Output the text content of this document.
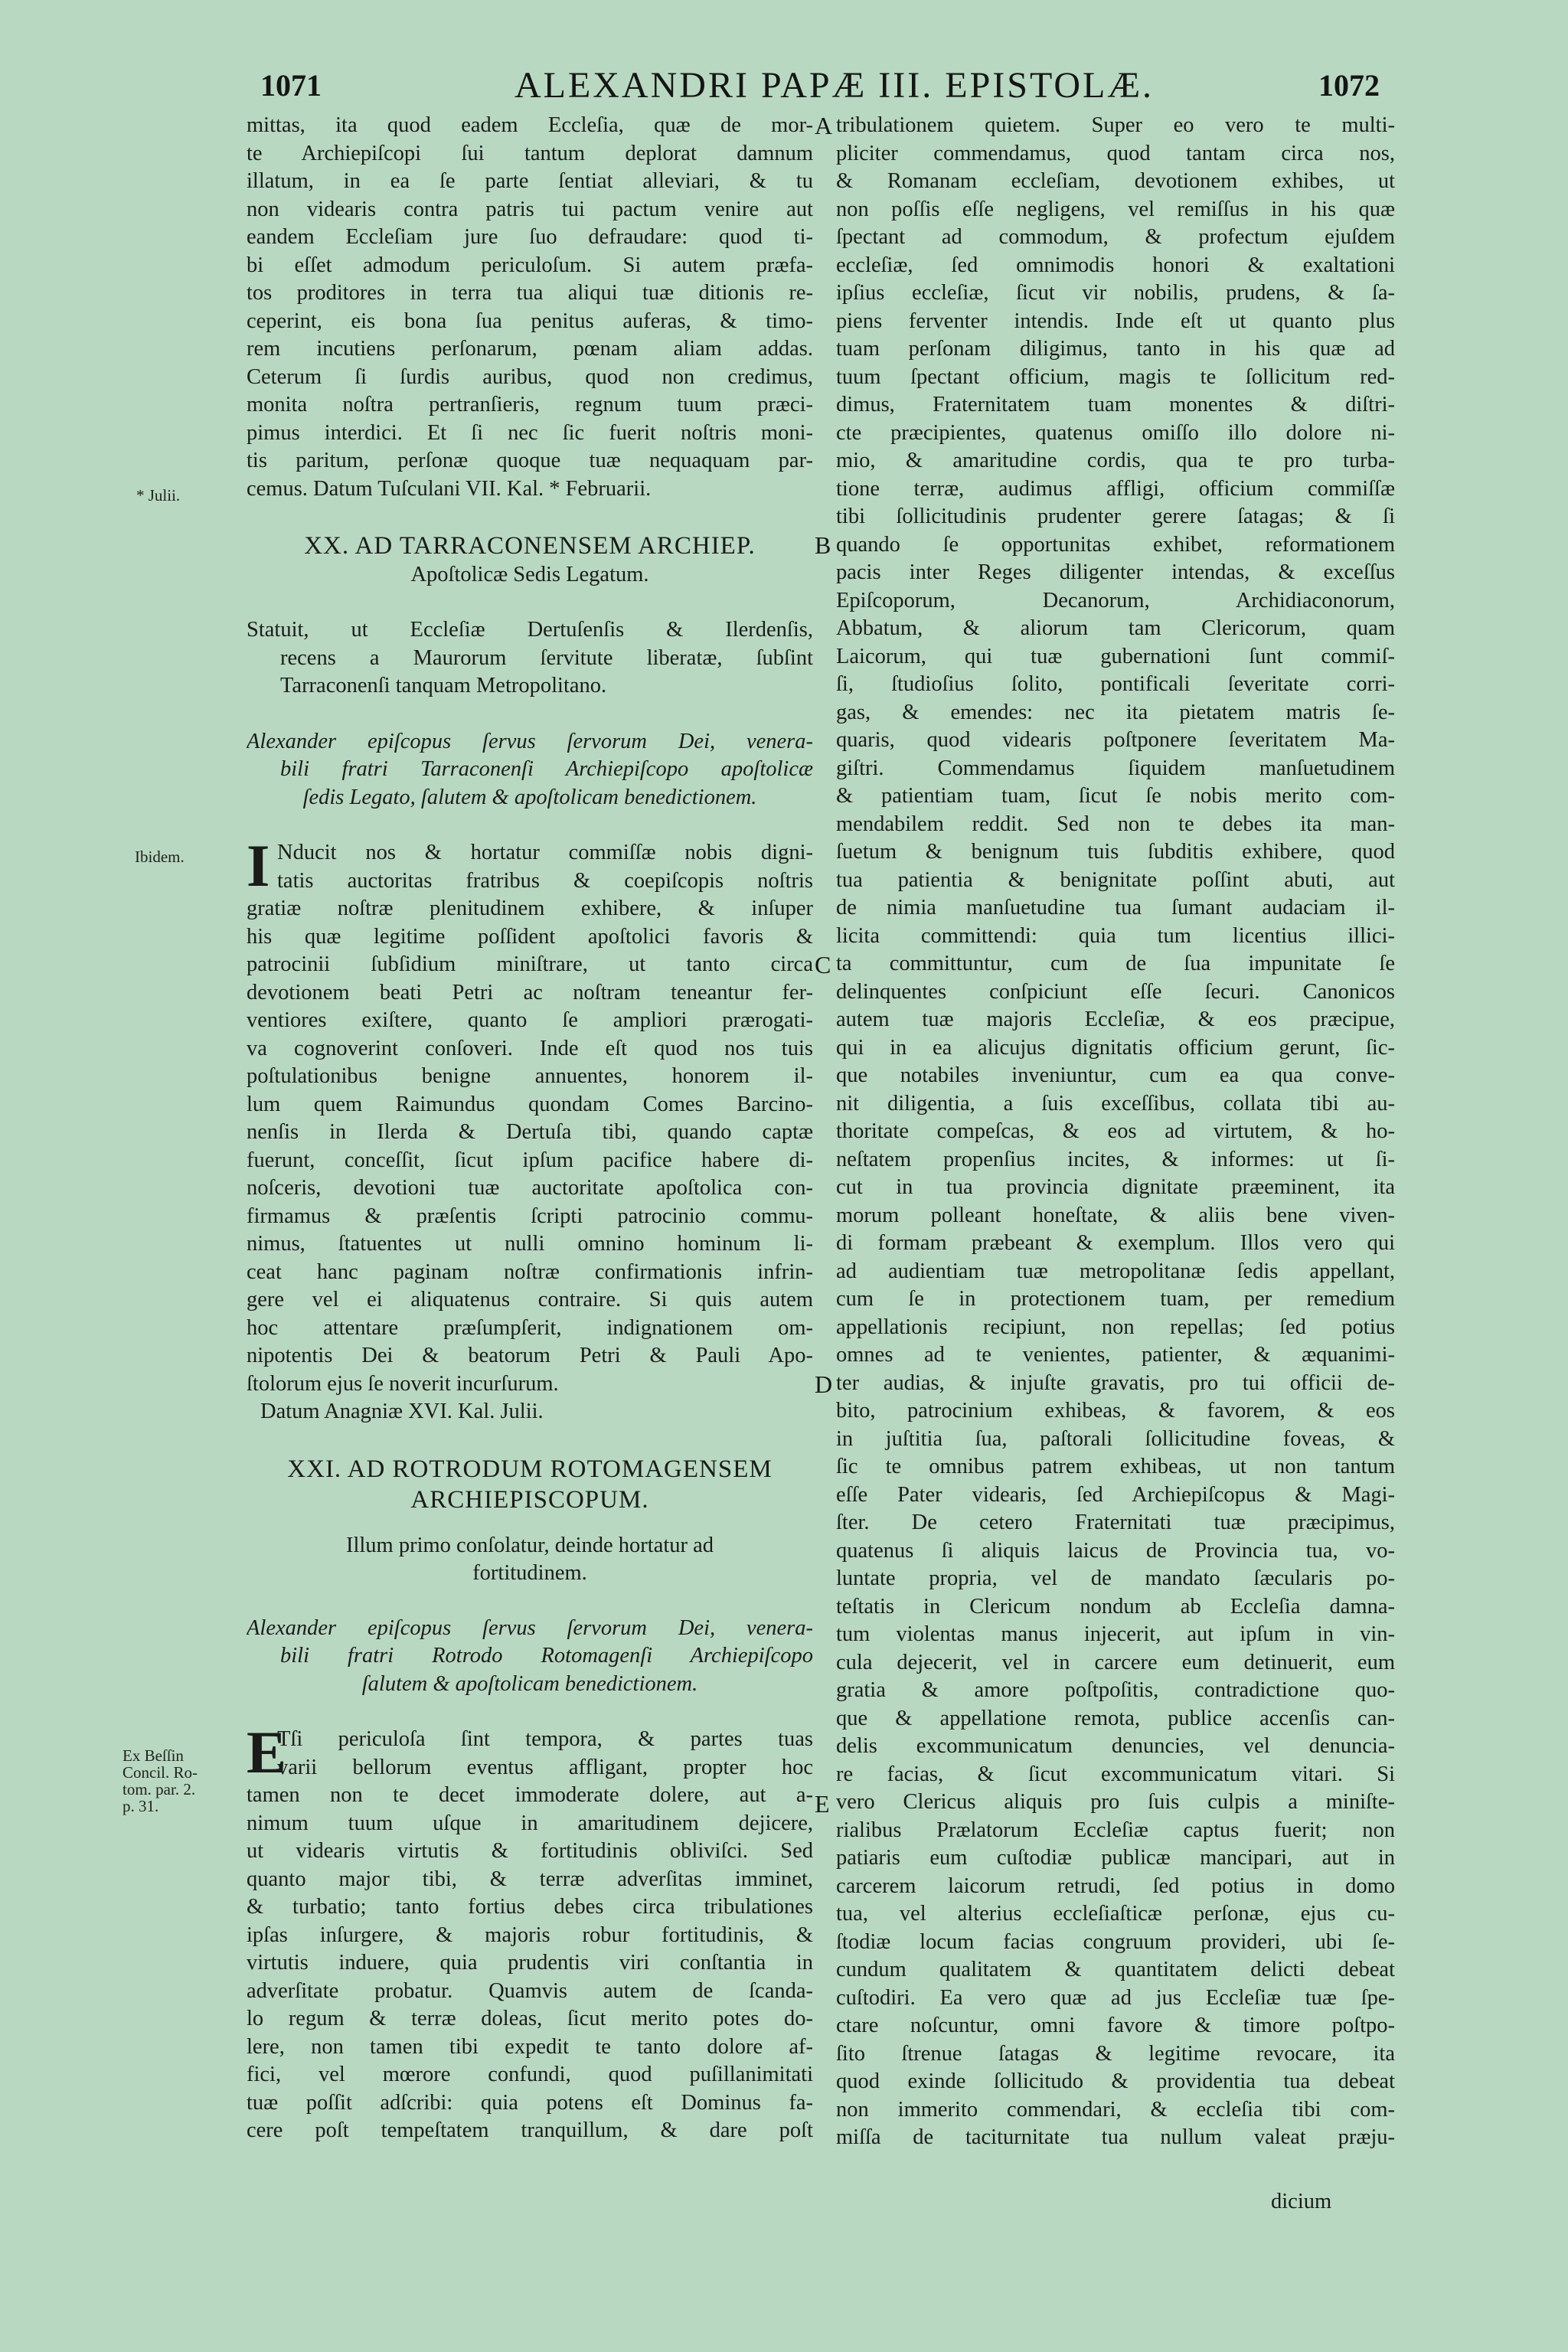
1071	ALEXANDRI PAPÆ III. EPISTOLÆ.	1072
* Julii.
Ibidem.
Ex Beſſin
Concil. Ro-
tom. par. 2.
p. 31.
A
B
C
D
E
mittas, ita quod eadem Eccleſia, quæ de mor-
te Archiepiſcopi ſui tantum deplorat damnum
illatum, in ea ſe parte ſentiat alleviari, & tu
non videaris contra patris tui pactum venire aut
eandem Eccleſiam jure ſuo defraudare: quod ti-
bi eſſet admodum periculoſum. Si autem præfa-
tos proditores in terra tua aliqui tuæ ditionis re-
ceperint, eis bona ſua penitus auferas, & timo-
rem incutiens perſonarum, pœnam aliam addas.
Ceterum ſi ſurdis auribus, quod non credimus,
monita noſtra pertranſieris, regnum tuum præci-
pimus interdici. Et ſi nec ſic fuerit noſtris moni-
tis paritum, perſonæ quoque tuæ nequaquam par-
cemus. Datum Tuſculani VII. Kal. * Februarii.
XX. AD TARRACONENSEM ARCHIEP.
Apoſtolicæ Sedis Legatum.
Statuit, ut Eccleſiæ Dertuſenſis & Ilerdenſis,
recens a Maurorum ſervitute liberatæ, ſubſint
Tarraconenſi tanquam Metropolitano.
Alexander epiſcopus ſervus ſervorum Dei, venera-
bili fratri Tarraconenſi Archiepiſcopo apoſtolicæ
ſedis Legato, ſalutem & apoſtolicam benedictionem.
I Nducit nos & hortatur commiſſæ nobis digni-
tatis auctoritas fratribus & coepiſcopis noſtris
gratiæ noſtræ plenitudinem exhibere, & inſuper
his quæ legitime poſſident apoſtolici favoris &
patrocinii ſubſidium miniſtrare, ut tanto circa
devotionem beati Petri ac noſtram teneantur fer-
ventiores exiſtere, quanto ſe ampliori prærogati-
va cognoverint conſoveri. Inde eſt quod nos tuis
poſtulationibus benigne annuentes, honorem il-
lum quem Raimundus quondam Comes Barcino-
nenſis in Ilerda & Dertuſa tibi, quando captæ
fuerunt, conceſſit, ſicut ipſum pacifice habere di-
noſceris, devotioni tuæ auctoritate apoſtolica con-
firmamus & præſentis ſcripti patrocinio commu-
nimus, ſtatuentes ut nulli omnino hominum li-
ceat hanc paginam noſtræ confirmationis infrin-
gere vel ei aliquatenus contraire. Si quis autem
hoc attentare præſumpſerit, indignationem om-
nipotentis Dei & beatorum Petri & Pauli Apo-
ſtolorum ejus ſe noverit incurſurum.
Datum Anagniæ XVI. Kal. Julii.
XXI. AD ROTRODUM ROTOMAGENSEM
ARCHIEPISCOPUM.
Illum primo conſolatur, deinde hortatur ad
fortitudinem.
Alexander epiſcopus ſervus ſervorum Dei, venera-
bili fratri Rotrodo Rotomagenſi Archiepiſcopo
ſalutem & apoſtolicam benedictionem.
E
Tſi periculoſa ſint tempora, & partes tuas
varii bellorum eventus affligant, propter hoc
tamen non te decet immoderate dolere, aut a-
nimum tuum uſque in amaritudinem dejicere,
ut videaris virtutis & fortitudinis obliviſci. Sed
quanto major tibi, & terræ adverſitas imminet,
& turbatio; tanto fortius debes circa tribulationes
ipſas inſurgere, & majoris robur fortitudinis, &
virtutis induere, quia prudentis viri conſtantia in
adverſitate probatur. Quamvis autem de ſcanda-
lo regum & terræ doleas, ſicut merito potes do-
lere, non tamen tibi expedit te tanto dolore af-
fici, vel mœrore confundi, quod puſillanimitati
tuæ poſſit adſcribi: quia potens eſt Dominus fa-
cere poſt tempeſtatem tranquillum, & dare poſt
tribulationem quietem. Super eo vero te multi-
pliciter commendamus, quod tantam circa nos,
& Romanam eccleſiam, devotionem exhibes, ut
non poſſis eſſe negligens, vel remiſſus in his quæ
ſpectant ad commodum, & profectum ejuſdem
eccleſiæ, ſed omnimodis honori & exaltationi
ipſius eccleſiæ, ſicut vir nobilis, prudens, & ſa-
piens ferventer intendis. Inde eſt ut quanto plus
tuam perſonam diligimus, tanto in his quæ ad
tuum ſpectant officium, magis te ſollicitum red-
dimus, Fraternitatem tuam monentes & diſtri-
cte præcipientes, quatenus omiſſo illo dolore ni-
mio, & amaritudine cordis, qua te pro turba-
tione terræ, audimus affligi, officium commiſſæ
tibi ſollicitudinis prudenter gerere ſatagas; & ſi
quando ſe opportunitas exhibet, reformationem
pacis inter Reges diligenter intendas, & exceſſus
Epiſcoporum, Decanorum, Archidiaconorum,
Abbatum, & aliorum tam Clericorum, quam
Laicorum, qui tuæ gubernationi ſunt commiſ-
ſi, ſtudioſius ſolito, pontificali ſeveritate corri-
gas, & emendes: nec ita pietatem matris ſe-
quaris, quod videaris poſtponere ſeveritatem Ma-
giſtri. Commendamus ſiquidem manſuetudinem
& patientiam tuam, ſicut ſe nobis merito com-
mendabilem reddit. Sed non te debes ita man-
ſuetum & benignum tuis ſubditis exhibere, quod
tua patientia & benignitate poſſint abuti, aut
de nimia manſuetudine tua ſumant audaciam il-
licita committendi: quia tum licentius illici-
ta committuntur, cum de ſua impunitate ſe
delinquentes conſpiciunt eſſe ſecuri. Canonicos
autem tuæ majoris Eccleſiæ, & eos præcipue,
qui in ea alicujus dignitatis officium gerunt, ſic-
que notabiles inveniuntur, cum ea qua conve-
nit diligentia, a ſuis exceſſibus, collata tibi au-
thoritate compeſcas, & eos ad virtutem, & ho-
neſtatem propenſius incites, & informes: ut ſi-
cut in tua provincia dignitate præeminent, ita
morum polleant honeſtate, & aliis bene viven-
di formam præbeant & exemplum. Illos vero qui
ad audientiam tuæ metropolitanæ ſedis appellant,
cum ſe in protectionem tuam, per remedium
appellationis recipiunt, non repellas; ſed potius
omnes ad te venientes, patienter, & æquanimi-
ter audias, & injuſte gravatis, pro tui officii de-
bito, patrocinium exhibeas, & favorem, & eos
in juſtitia ſua, paſtorali ſollicitudine foveas, &
ſic te omnibus patrem exhibeas, ut non tantum
eſſe Pater videaris, ſed Archiepiſcopus & Magi-
ſter. De cetero Fraternitati tuæ præcipimus,
quatenus ſi aliquis laicus de Provincia tua, vo-
luntate propria, vel de mandato ſæcularis po-
teſtatis in Clericum nondum ab Eccleſia damna-
tum violentas manus injecerit, aut ipſum in vin-
cula dejecerit, vel in carcere eum detinuerit, eum
gratia & amore poſtpoſitis, contradictione quo-
que & appellatione remota, publice accenſis can-
delis excommunicatum denuncies, vel denuncia-
re facias, & ſicut excommunicatum vitari. Si
vero Clericus aliquis pro ſuis culpis a miniſte-
rialibus Prælatorum Eccleſiæ captus fuerit; non
patiaris eum cuſtodiæ publicæ mancipari, aut in
carcerem laicorum retrudi, ſed potius in domo
tua, vel alterius eccleſiaſticæ perſonæ, ejus cu-
ſtodiæ locum facias congruum provideri, ubi ſe-
cundum qualitatem & quantitatem delicti debeat
cuſtodiri. Ea vero quæ ad jus Eccleſiæ tuæ ſpe-
ctare noſcuntur, omni favore & timore poſtpo-
ſito ſtrenue ſatagas & legitime revocare, ita
quod exinde ſollicitudo & providentia tua debeat
non immerito commendari, & eccleſia tibi com-
miſſa de taciturnitate tua nullum valeat præju-
dicium
